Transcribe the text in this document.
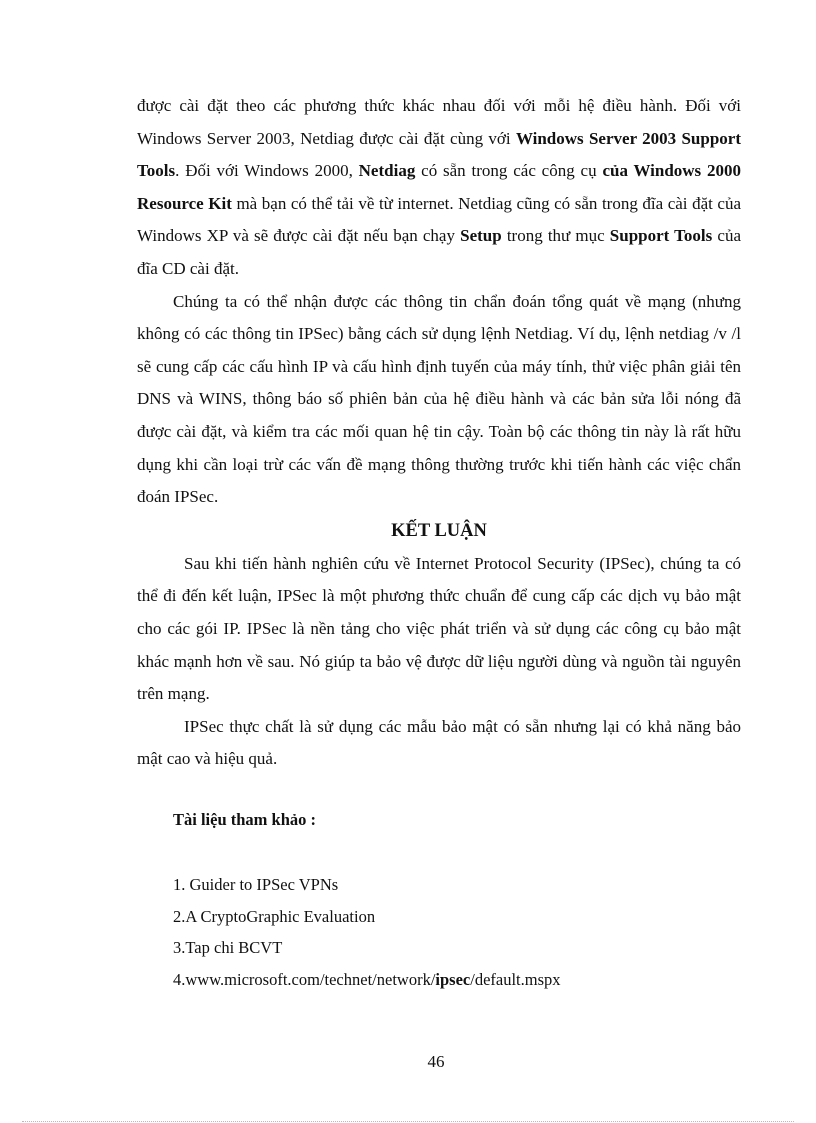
được cài đặt theo các phương thức khác nhau đối với mỗi hệ điều hành. Đối với Windows Server 2003, Netdiag được cài đặt cùng với Windows Server 2003 Support Tools. Đối với Windows 2000, Netdiag có sẵn trong các công cụ của Windows 2000 Resource Kit mà bạn có thể tải về từ internet. Netdiag cũng có sẵn trong đĩa cài đặt của Windows XP và sẽ được cài đặt nếu bạn chạy Setup trong thư mục Support Tools của đĩa CD cài đặt.

Chúng ta có thể nhận được các thông tin chẩn đoán tổng quát về mạng (nhưng không có các thông tin IPSec) bằng cách sử dụng lệnh Netdiag. Ví dụ, lệnh netdiag /v /l sẽ cung cấp các cấu hình IP và cấu hình định tuyến của máy tính, thử việc phân giải tên DNS và WINS, thông báo số phiên bản của hệ điều hành và các bản sửa lỗi nóng đã được cài đặt, và kiểm tra các mối quan hệ tin cậy. Toàn bộ các thông tin này là rất hữu dụng khi cần loại trừ các vấn đề mạng thông thường trước khi tiến hành các việc chẩn đoán IPSec.

KẾT LUẬN

Sau khi tiến hành nghiên cứu về Internet Protocol Security (IPSec), chúng ta có thể đi đến kết luận, IPSec là một phương thức chuẩn để cung cấp các dịch vụ bảo mật cho các gói IP. IPSec là nền tảng cho việc phát triển và sử dụng các công cụ bảo mật khác mạnh hơn về sau. Nó giúp ta bảo vệ được dữ liệu người dùng và nguồn tài nguyên trên mạng.

IPSec thực chất là sử dụng các mẫu bảo mật có sẵn nhưng lại có khả năng bảo mật cao và hiệu quả.

Tài liệu tham khảo :
1. Guider to IPSec VPNs
2.A CryptoGraphic Evaluation
3.Tap chi BCVT
4.www.microsoft.com/technet/network/ipsec/default.mspx
46
